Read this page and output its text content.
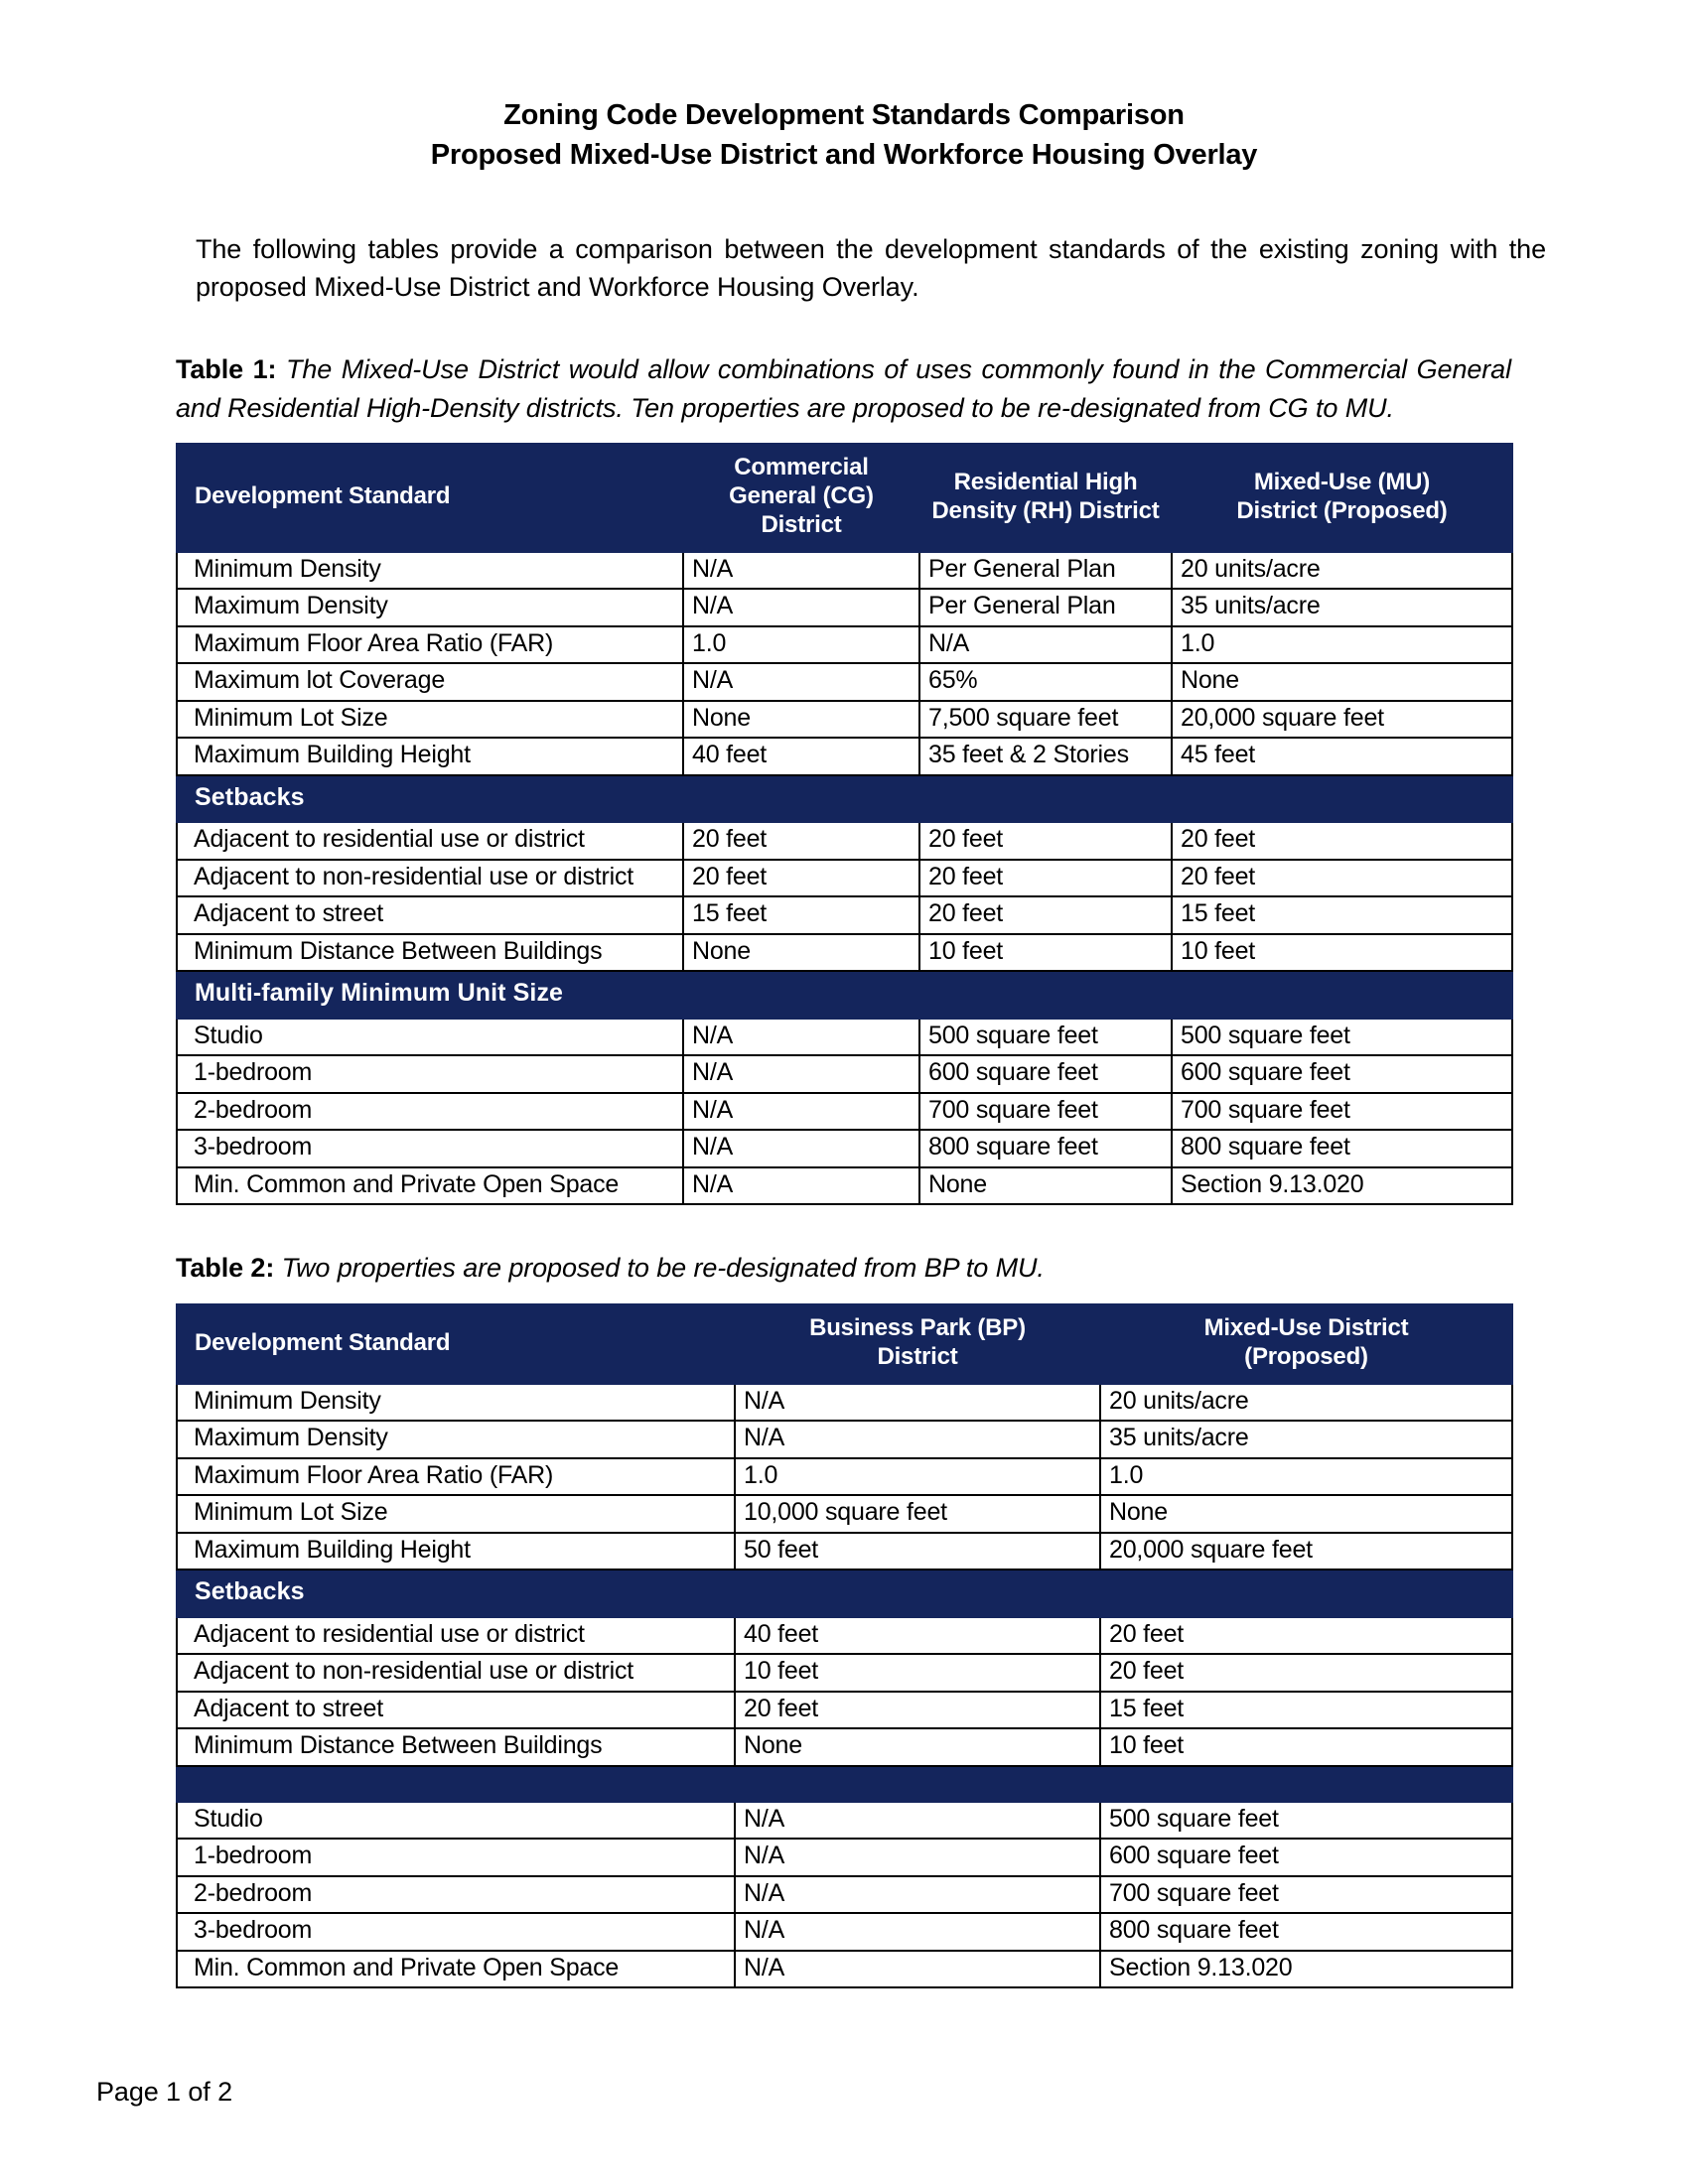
Zoning Code Development Standards Comparison
Proposed Mixed-Use District and Workforce Housing Overlay

The following tables provide a comparison between the development standards of the existing zoning with the proposed Mixed-Use District and Workforce Housing Overlay.

Table 1: The Mixed-Use District would allow combinations of uses commonly found in the Commercial General and Residential High-Density districts. Ten properties are proposed to be re-designated from CG to MU.
Development Standard	Commercial
General (CG)
District	Residential High
Density (RH) District	Mixed-Use (MU)
District (Proposed)
Minimum Density	N/A	Per General Plan	20 units/acre
Maximum Density	N/A	Per General Plan	35 units/acre
Maximum Floor Area Ratio (FAR)	1.0	N/A	1.0
Maximum lot Coverage	N/A	65%	None
Minimum Lot Size	None	7,500 square feet	20,000 square feet
Maximum Building Height	40 feet	35 feet & 2 Stories	45 feet
Setbacks			
Adjacent to residential use or district	20 feet	20 feet	20 feet
Adjacent to non-residential use or district	20 feet	20 feet	20 feet
Adjacent to street	15 feet	20 feet	15 feet
Minimum Distance Between Buildings	None	10 feet	10 feet
Multi-family Minimum Unit Size			
Studio	N/A	500 square feet	500 square feet
1-bedroom	N/A	600 square feet	600 square feet
2-bedroom	N/A	700 square feet	700 square feet
3-bedroom	N/A	800 square feet	800 square feet
Min. Common and Private Open Space	N/A	None	Section 9.13.020
Table 2: Two properties are proposed to be re-designated from BP to MU.
Development Standard	Business Park (BP)
District	Mixed-Use District
(Proposed)
Minimum Density	N/A	20 units/acre
Maximum Density	N/A	35 units/acre
Maximum Floor Area Ratio (FAR)	1.0	1.0
Minimum Lot Size	10,000 square feet	None
Maximum Building Height	50 feet	20,000 square feet
Setbacks		
Adjacent to residential use or district	40 feet	20 feet
Adjacent to non-residential use or district	10 feet	20 feet
Adjacent to street	20 feet	15 feet
Minimum Distance Between Buildings	None	10 feet

Studio	N/A	500 square feet
1-bedroom	N/A	600 square feet
2-bedroom	N/A	700 square feet
3-bedroom	N/A	800 square feet
Min. Common and Private Open Space	N/A	Section 9.13.020
Page 1 of 2
